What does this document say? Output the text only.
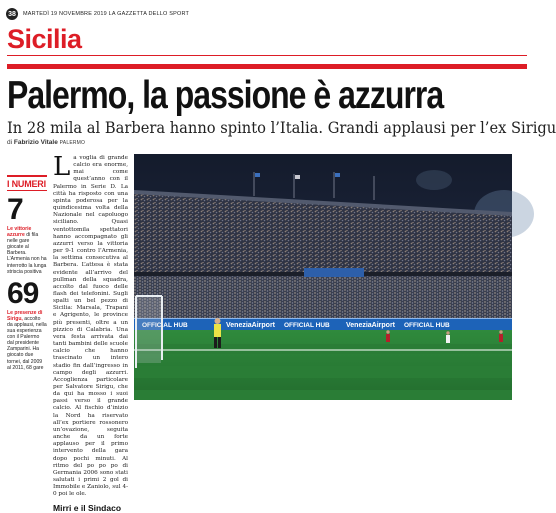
38	MARTEDÌ 19 NOVEMBRE 2019 LA GAZZETTA DELLO SPORT
Sicilia
Palermo, la passione è azzurra
In 28 mila al Barbera hanno spinto l’Italia. Grandi applausi per l’ex Sirigu
di Fabrizio Vitale PALERMO
I NUMERI
7
Le vittorie azzurre di fila nelle gare giocate al Barbera. L’Armenia non ha interrotto la lunga striscia positiva
69
Le presenze di Sirigu, accolto da applausi, nella sua esperienza con il Palermo dal presidente Zamparini. Ha giocato due tornei, dal 2009 al 2011, 68 gare
L a voglia di grande calcio era enorme, mai come quest’anno con il Palermo in Serie D. La città ha risposto con una spinta poderosa per la quindicesima volta della Nazionale nel capoluogo siciliano. Quasi ventottomila spettatori hanno accompagnato gli azzurri verso la vittoria per 9-1 contro l’Armenia, la settima consecutiva al Barbera. L’attesa è stata evidente all’arrivo del pullman della squadra, accolto dal fuoco delle flash dei telefonini. Sugli spalti un bel pezzo di Sicilia: Marsala, Trapani e Agrigento, le province più presenti, oltre a un pizzico di Calabria. Una vera festa arrivata dai tanti bambini delle scuole calcio che hanno trascinato un intero stadio fin dall’ingresso in campo degli azzurri. Accoglienza particolare per Salvatore Sirigu, che da qui ha mosso i suoi passi verso il grande calcio. Al fischio d’inizio la Nord ha riservato all’ex portiere rossonero un’ovazione, seguita anche da un forte applauso per il primo intervento della gara dopo pochi minuti. Al ritmo del po po po di Germania 2006 sono stati salutati i primi 2 gol di Immobile e Zaniolo, sul 4-0 poi le ole.

Mirri e il Sindaco
VeneziaAirport OFFICIAL HUB VeneziaAirport OFFICIAL HUB
OFFICIAL HUB
